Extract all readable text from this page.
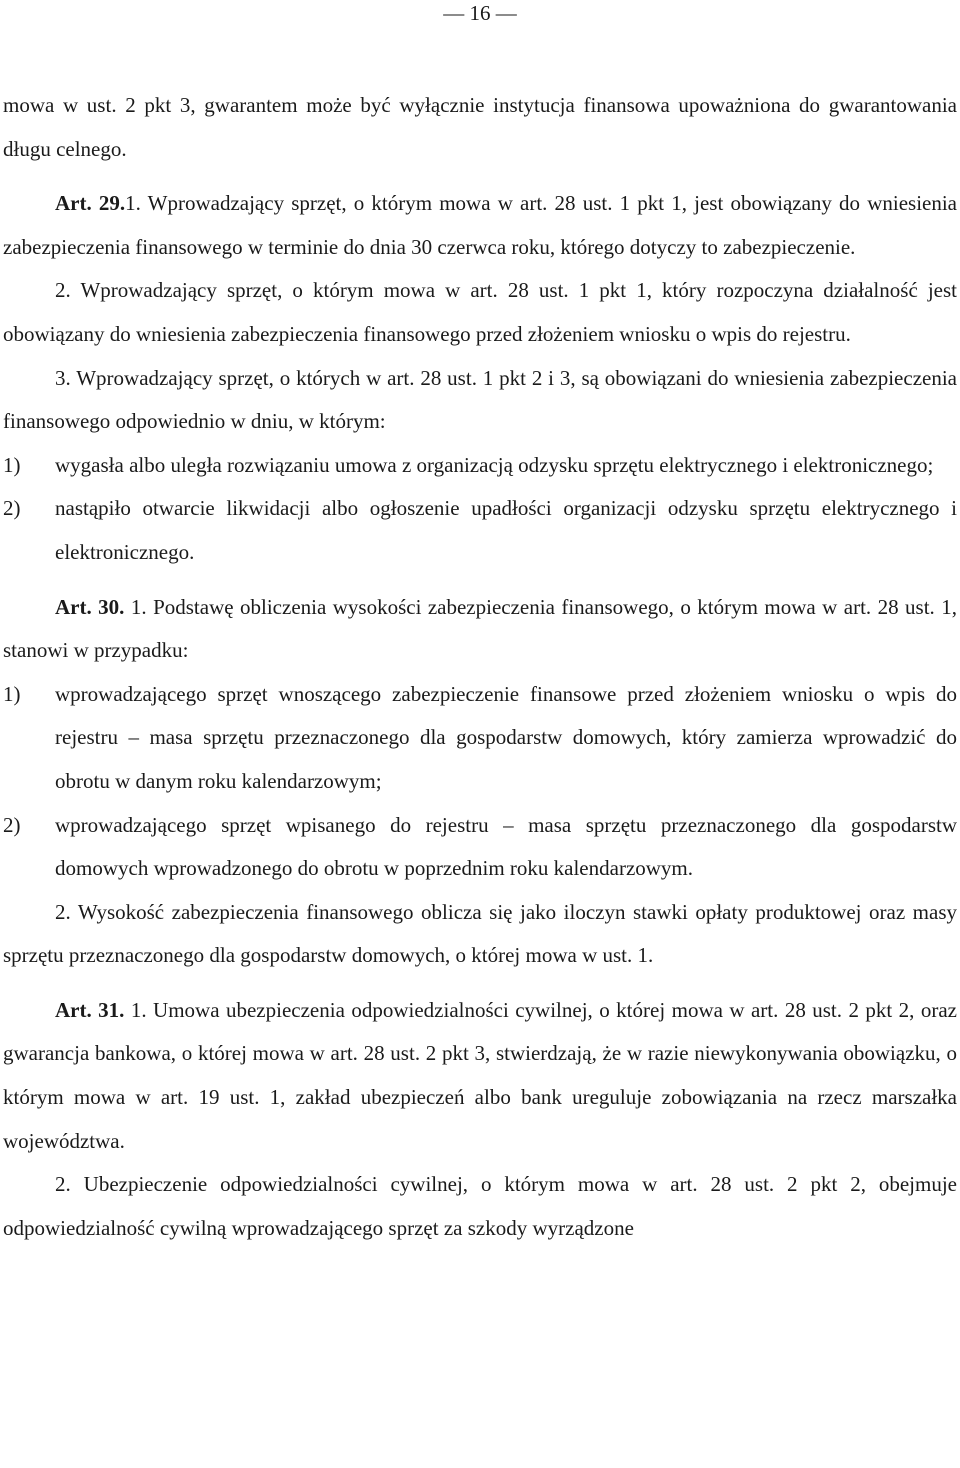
— 16 —

mowa w ust. 2 pkt 3, gwarantem może być wyłącznie instytucja finansowa upoważniona do gwarantowania długu celnego.

Art. 29.1. Wprowadzający sprzęt, o którym mowa w art. 28 ust. 1 pkt 1, jest obowiązany do wniesienia zabezpieczenia finansowego w terminie do dnia 30 czerwca roku, którego dotyczy to zabezpieczenie.

2. Wprowadzający sprzęt, o którym mowa w art. 28 ust. 1 pkt 1, który rozpoczyna działalność jest obowiązany do wniesienia zabezpieczenia finansowego przed złożeniem wniosku o wpis do rejestru.

3. Wprowadzający sprzęt, o których w art. 28 ust. 1 pkt 2 i 3, są obowiązani do wniesienia zabezpieczenia finansowego odpowiednio w dniu, w którym:

1)	wygasła albo uległa rozwiązaniu umowa z organizacją odzysku sprzętu elektrycznego i elektronicznego;
2)	nastąpiło otwarcie likwidacji albo ogłoszenie upadłości organizacji odzysku sprzętu elektrycznego i elektronicznego.

Art. 30. 1. Podstawę obliczenia wysokości zabezpieczenia finansowego, o którym mowa w art. 28 ust. 1, stanowi w przypadku:

1)	wprowadzającego sprzęt wnoszącego zabezpieczenie finansowe przed złożeniem wniosku o wpis do rejestru – masa sprzętu przeznaczonego dla gospodarstw domowych, który zamierza wprowadzić do obrotu w danym roku kalendarzowym;
2)	wprowadzającego sprzęt wpisanego do rejestru – masa sprzętu przeznaczonego dla gospodarstw domowych wprowadzonego do obrotu w poprzednim roku kalendarzowym.

2. Wysokość zabezpieczenia finansowego oblicza się jako iloczyn stawki opłaty produktowej oraz masy sprzętu przeznaczonego dla gospodarstw domowych, o której mowa w ust. 1.

Art. 31. 1. Umowa ubezpieczenia odpowiedzialności cywilnej, o której mowa w art. 28 ust. 2 pkt 2, oraz gwarancja bankowa, o której mowa w art. 28 ust. 2 pkt 3, stwierdzają, że w razie niewykonywania obowiązku, o którym mowa w art. 19 ust. 1, zakład ubezpieczeń albo bank ureguluje zobowiązania na rzecz marszałka województwa.

2. Ubezpieczenie odpowiedzialności cywilnej, o którym mowa w art. 28 ust. 2 pkt 2, obejmuje odpowiedzialność cywilną wprowadzającego sprzęt za szkody wyrządzone
